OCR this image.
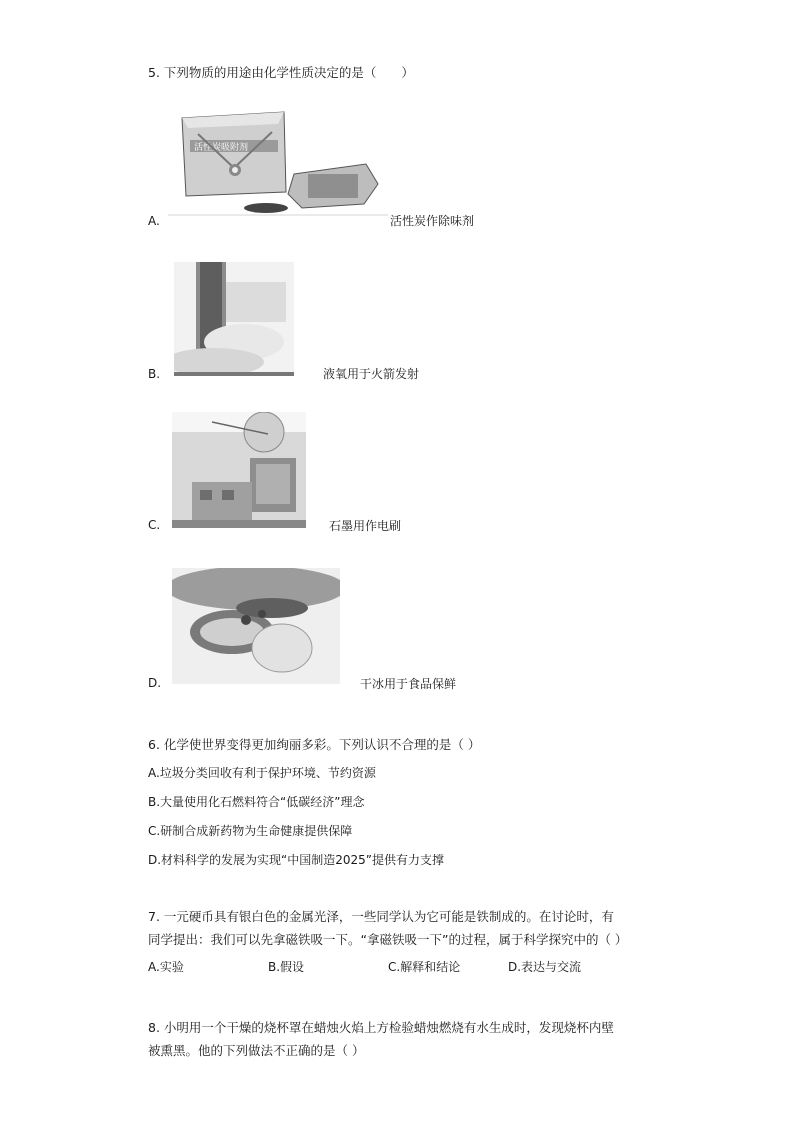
5. 下列物质的用途由化学性质决定的是（　　）
A.
活性炭吸附剂
活性炭作除味剂
B.	液氧用于火箭发射
C.	石墨用作电刷
D.	干冰用于食品保鲜
6. 化学使世界变得更加绚丽多彩。下列认识不合理的是（ ）
A.垃圾分类回收有利于保护环境、节约资源
B.大量使用化石燃料符合“低碳经济”理念
C.研制合成新药物为生命健康提供保障
D.材料科学的发展为实现“中国制造2025”提供有力支撑
7. 一元硬币具有银白色的金属光泽，一些同学认为它可能是铁制成的。在讨论时，有
同学提出：我们可以先拿磁铁吸一下。“拿磁铁吸一下”的过程，属于科学探究中的（ ）
A.实验	B.假设	C.解释和结论	D.表达与交流
8. 小明用一个干燥的烧杯罩在蜡烛火焰上方检验蜡烛燃烧有水生成时，发现烧杯内壁
被熏黑。他的下列做法不正确的是（ ）
